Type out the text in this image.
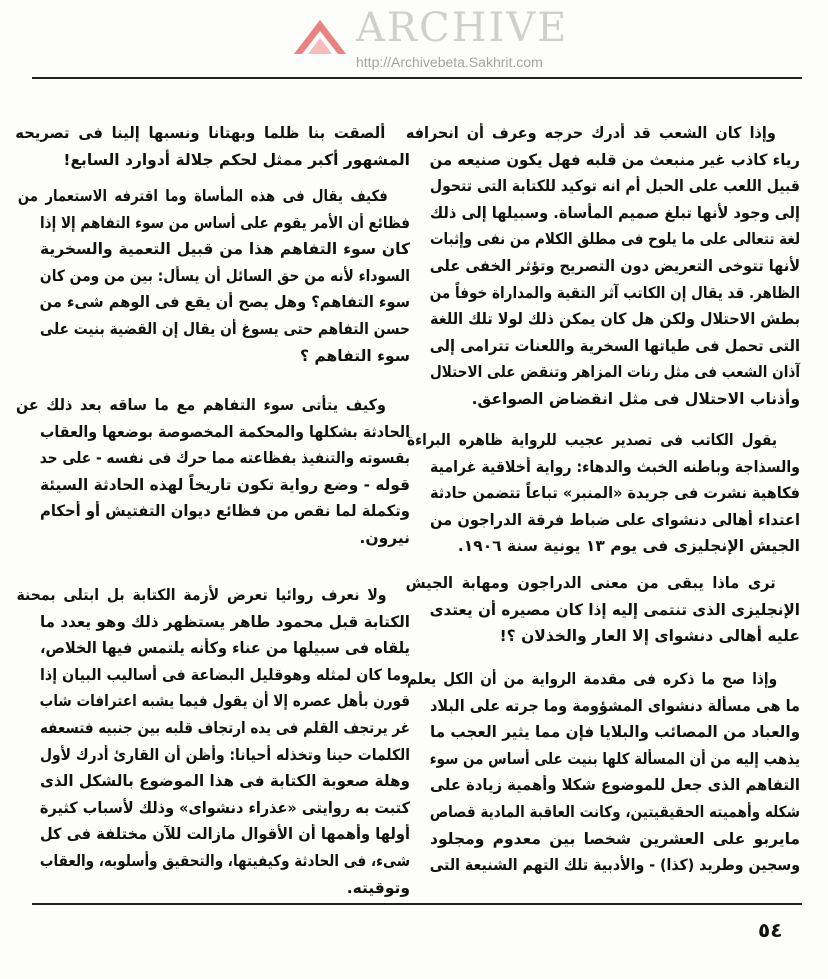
ARCHIVE
http://Archivebeta.Sakhrit.com
وإذا كان الشعب قد أدرك حرجه وعرف أن انحرافه
رياء كاذب غير منبعث من قلبه فهل يكون صنيعه من
قبيل اللعب على الحبل أم انه توكيد للكتابة التى تتحول
إلى وجود لأنها تبلغ صميم المأساة. وسبيلها إلى ذلك
لغة تتعالى على ما يلوح فى مطلق الكلام من نفى وإثبات
لأنها تتوخى التعريض دون التصريح وتؤثر الخفى على
الظاهر. قد يقال إن الكاتب آثر التقية والمداراة خوفاً من
بطش الاحتلال ولكن هل كان يمكن ذلك لولا تلك اللغة
التى تحمل فى طياتها السخرية واللعنات تترامى إلى
آذان الشعب فى مثل رنات المزاهر وتنقض على الاحتلال
وأذناب الاحتلال فى مثل انقضاض الصواعق.
يقول الكاتب فى تصدير عجيب للرواية ظاهره البراءة
والسذاجة وباطنه الخبث والدهاء: رواية أخلاقية غرامية
فكاهية نشرت فى جريدة «المنبر» تباعاً تتضمن حادثة
اعتداء أهالى دنشواى على ضباط فرقة الدراجون من
الجيش الإنجليزى فى يوم ١٣ يونية سنة ١٩٠٦.
ترى ماذا يبقى من معنى الدراجون ومهابة الجيش
الإنجليزى الذى تنتمى إليه إذا كان مصيره أن يعتدى
عليه أهالى دنشواى إلا العار والخذلان ؟!
وإذا صح ما ذكره فى مقدمة الرواية من أن الكل يعلم
ما هى مسألة دنشواى المشؤومة وما جرته على البلاد
والعباد من المصائب والبلايا فإن مما يثير العجب ما
يذهب إليه من أن المسألة كلها بنيت على أساس من سوء
التفاهم الذى جعل للموضوع شكلا وأهمية زيادة على
شكله وأهميته الحقيقيتين، وكانت العاقبة المادية قصاص
مايربو على العشرين شخصا بين معدوم ومجلود
وسجين وطريد (كذا) - والأدبية تلك التهم الشنيعة التى
ألصقت بنا ظلما وبهتانا ونسبها إلينا فى تصريحه
المشهور أكبر ممثل لحكم جلالة أدوارد السابع!
فكيف يقال فى هذه المأساة وما اقترفه الاستعمار من
فظائع أن الأمر يقوم على أساس من سوء التفاهم إلا إذا
كان سوء التفاهم هذا من قبيل التعمية والسخرية
السوداء لأنه من حق السائل أن يسأل: بين من ومن كان
سوء التفاهم؟ وهل يصح أن يقع فى الوهم شىء من
حسن التفاهم حتى يسوغ أن يقال إن القضية بنيت على
سوء التفاهم ؟
وكيف يتأتى سوء التفاهم مع ما ساقه بعد ذلك عن
الحادثة بشكلها والمحكمة المخصوصة بوضعها والعقاب
بقسوته والتنفيذ بفظاعته مما حرك فى نفسه - على حد
قوله - وضع رواية تكون تاريخاً لهذه الحادثة السيئة
وتكملة لما نقص من فظائع ديوان التفتيش أو أحكام
نيرون.
ولا نعرف روائيا تعرض لأزمة الكتابة بل ابتلى بمحنة
الكتابة قبل محمود طاهر يستظهر ذلك وهو يعدد ما
يلقاه فى سبيلها من عناء وكأنه يلتمس فيها الخلاص،
وما كان لمثله وهوقليل البضاعة فى أساليب البيان إذا
قورن بأهل عصره إلا أن يقول فيما يشبه اعترافات شاب
غر يرتجف القلم فى يده ارتجاف قلبه بين جنبيه فتسعفه
الكلمات حينا وتخذله أحيانا: وأظن أن القارئ أدرك لأول
وهلة صعوبة الكتابة فى هذا الموضوع بالشكل الذى
كتبت به روايتى «عذراء دنشواى» وذلك لأسباب كثيرة
أولها وأهمها أن الأقوال مازالت للآن مختلفة فى كل
شىء، فى الحادثة وكيفيتها، والتحقيق وأسلوبه، والعقاب
وتوقيته.
٥٤
